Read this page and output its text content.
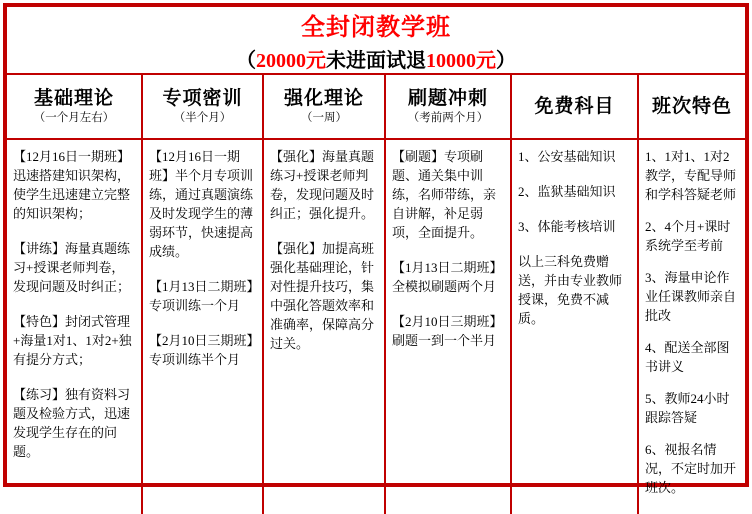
全封闭教学班
（20000元未进面试退10000元）
基础理论
（一个月左右）
专项密训
（半个月）
强化理论
（一周）
刷题冲刺
（考前两个月）
免费科目 班次特色

【12月16日一期班】迅速搭建知识架构，使学生迅速建立完整的知识架构；

【讲练】海量真题练习+授课老师判卷，发现问题及时纠正；

【特色】封闭式管理+海量1对1、1对2+独有提分方式；

【练习】独有资料习题及检验方式，迅速发现学生存在的问题。

【12月16日一期班】半个月专项训练，通过真题演练及时发现学生的薄弱环节，快速提高成绩。

【1月13日二期班】专项训练一个月

【2月10日三期班】专项训练半个月

【强化】海量真题练习+授课老师判卷，发现问题及时纠正；强化提升。

【强化】加提高班强化基础理论，针对性提升技巧，集中强化答题效率和准确率，保障高分过关。

【刷题】专项刷题、通关集中训练，名师带练，亲自讲解，补足弱项，全面提升。

【1月13日二期班】全模拟刷题两个月

【2月10日三期班】刷题一到一个半月

1、公安基础知识

2、监狱基础知识

3、体能考核培训

以上三科免费赠送，并由专业教师授课，免费不减质。

1、1对1、1对2教学，专配导师和学科答疑老师

2、4个月+课时系统学至考前

3、海量申论作业任课教师亲自批改

4、配送全部图书讲义

5、教师24小时跟踪答疑

6、视报名情况，不定时加开班次。
